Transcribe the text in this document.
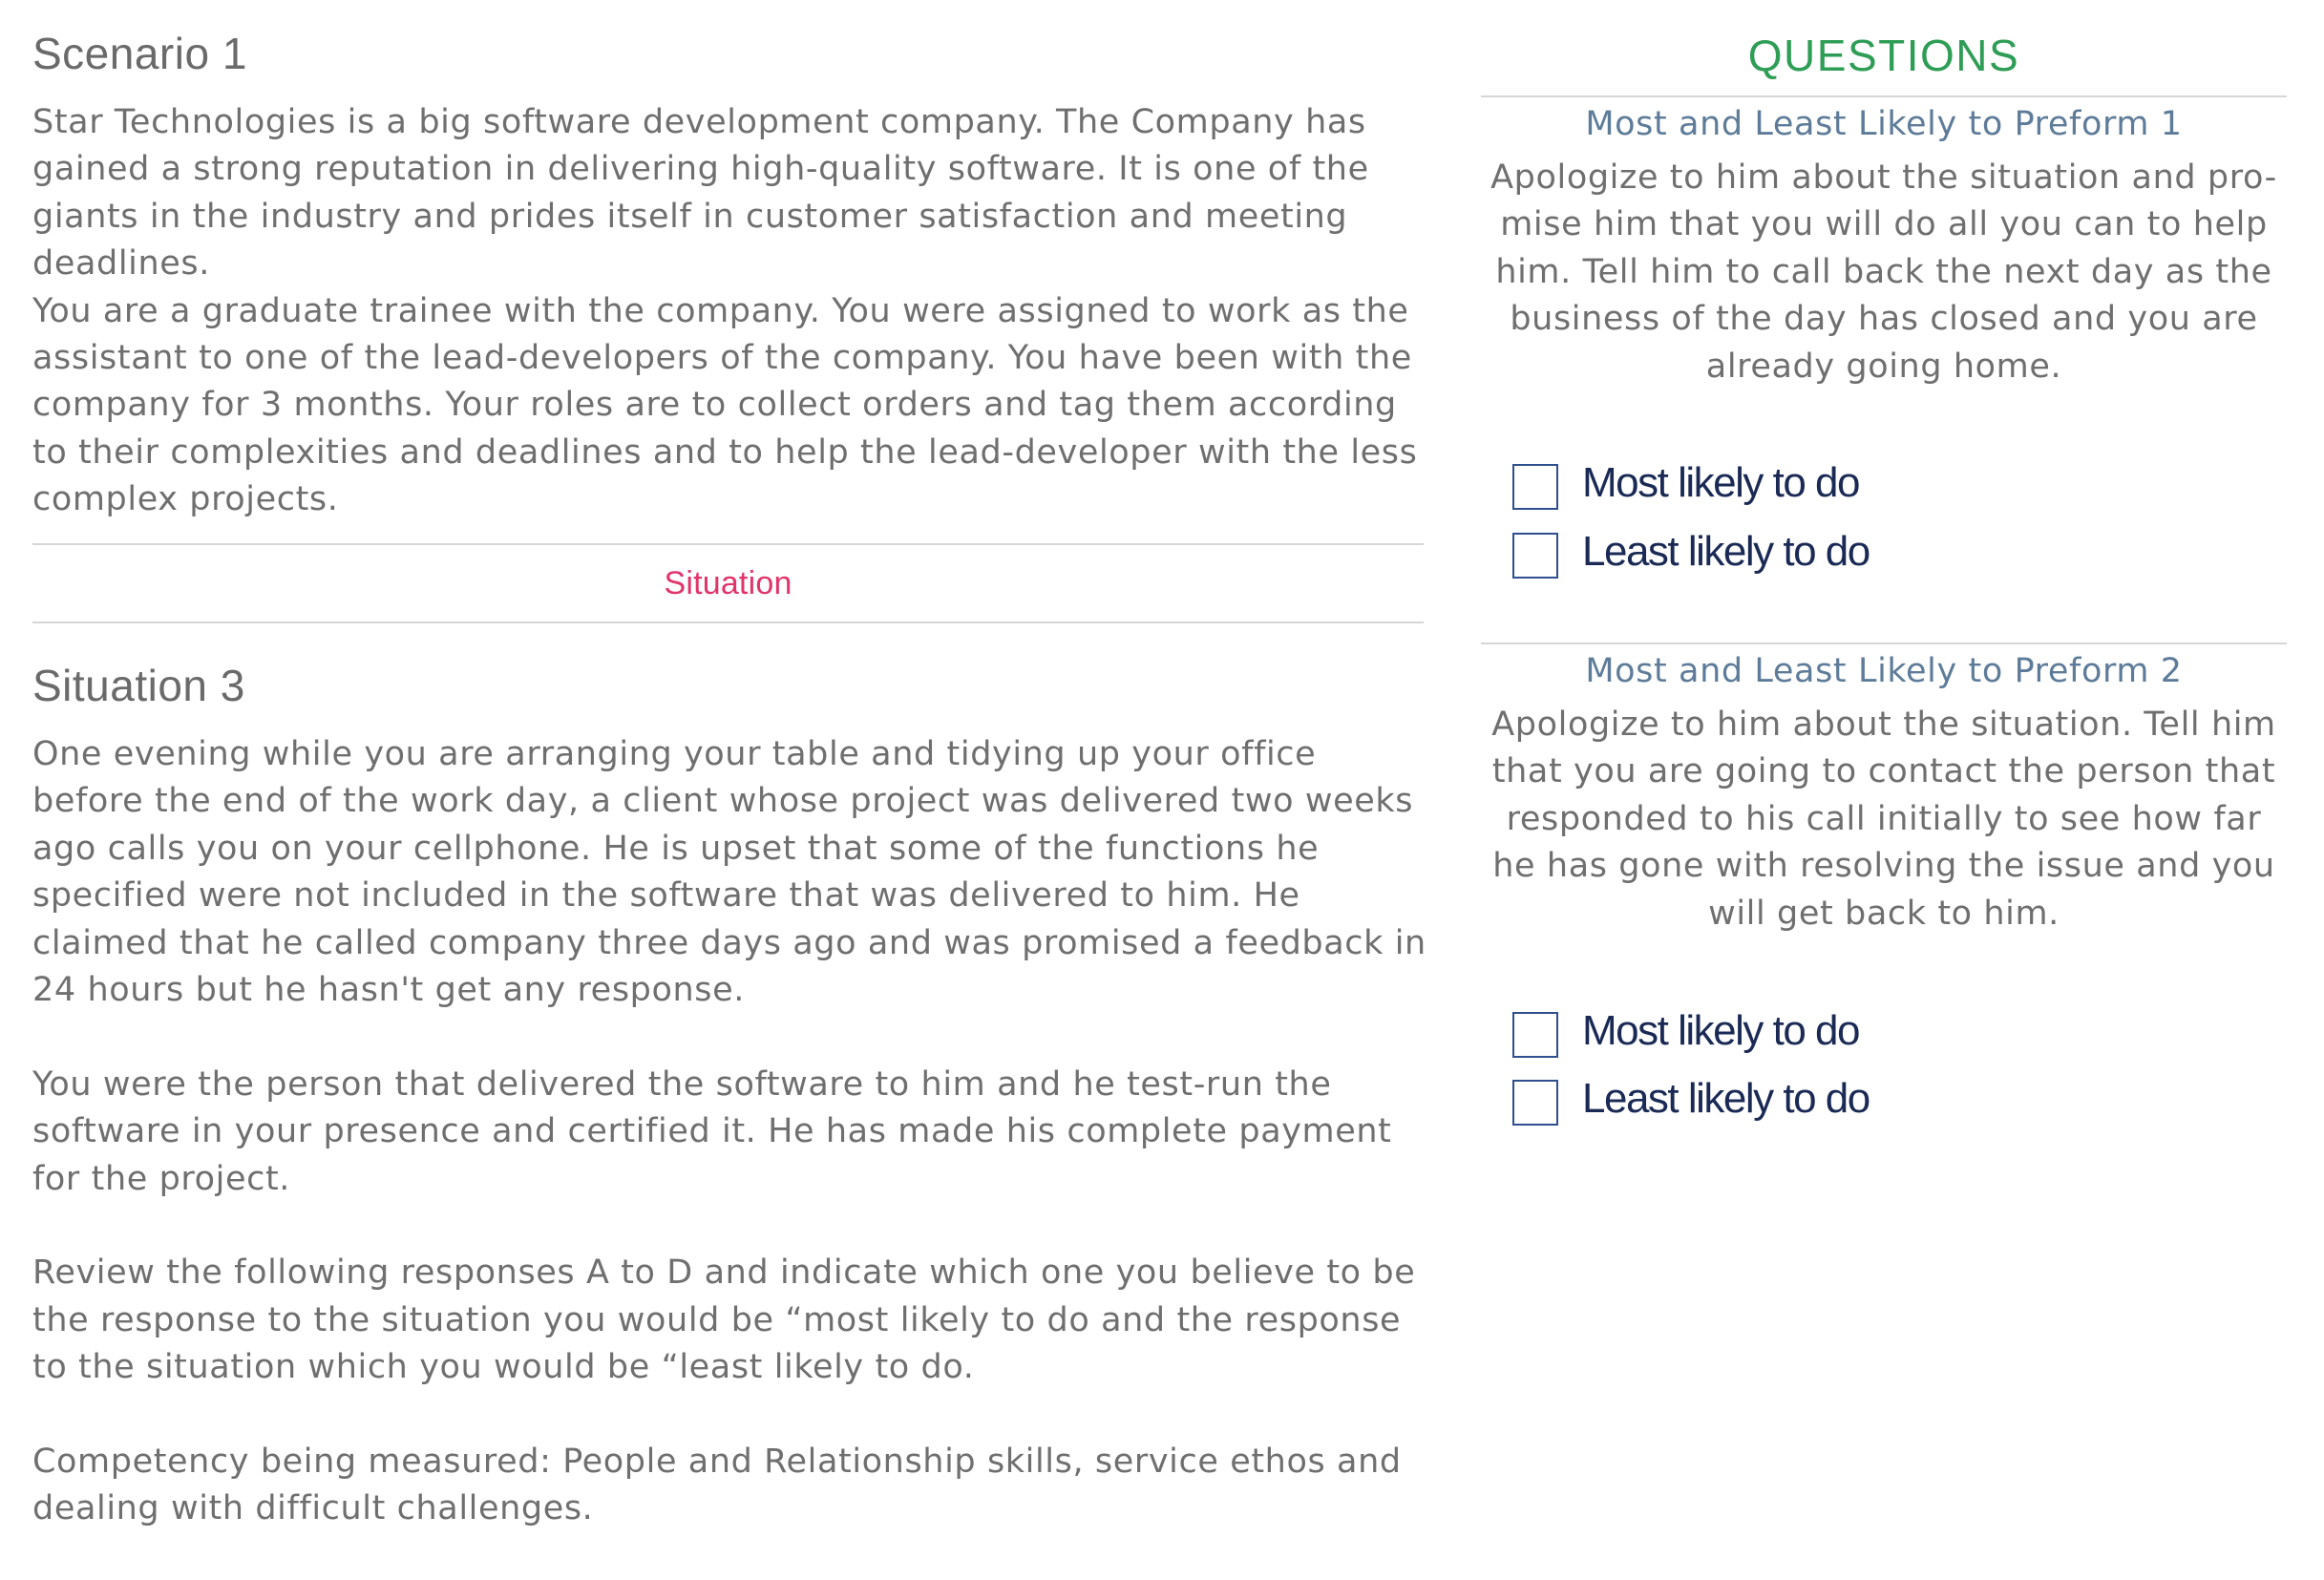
Scenario 1

Star Technologies is a big software development company. The Company has gained a strong reputation in delivering high-quality software. It is one of the giants in the industry and prides itself in customer satisfaction and meeting deadlines.

You are a graduate trainee with the company. You were assigned to work as the assistant to one of the lead-developers of the company. You have been with the company for 3 months. Your roles are to collect orders and tag them according to their complexities and deadlines and to help the lead-developer with the less complex projects.

Situation
Situation 3

One evening while you are arranging your table and tidying up your office before the end of the work day, a client whose project was delivered two weeks ago calls you on your cellphone. He is upset that some of the functions he specified were not included in the software that was delivered to him. He claimed that he called company three days ago and was promised a feedback in 24 hours but he hasn't get any response.

You were the person that delivered the software to him and he test-run the software in your presence and certified it. He has made his complete payment for the project.

Review the following responses A to D and indicate which one you believe to be the response to the situation you would be “most likely to do and the response to the situation which you would be “least likely to do.

Competency being measured: People and Relationship skills, service ethos and dealing with difficult challenges.

QUESTIONS
Most and Least Likely to Preform 1
Apologize to him about the situation and pro-mise him that you will do all you can to help him. Tell him to call back the next day as the business of the day has closed and you are already going home.
Most likely to do
Least likely to do
Most and Least Likely to Preform 2
Apologize to him about the situation. Tell him that you are going to contact the person that responded to his call initially to see how far he has gone with resolving the issue and you will get back to him.
Most likely to do
Least likely to do
